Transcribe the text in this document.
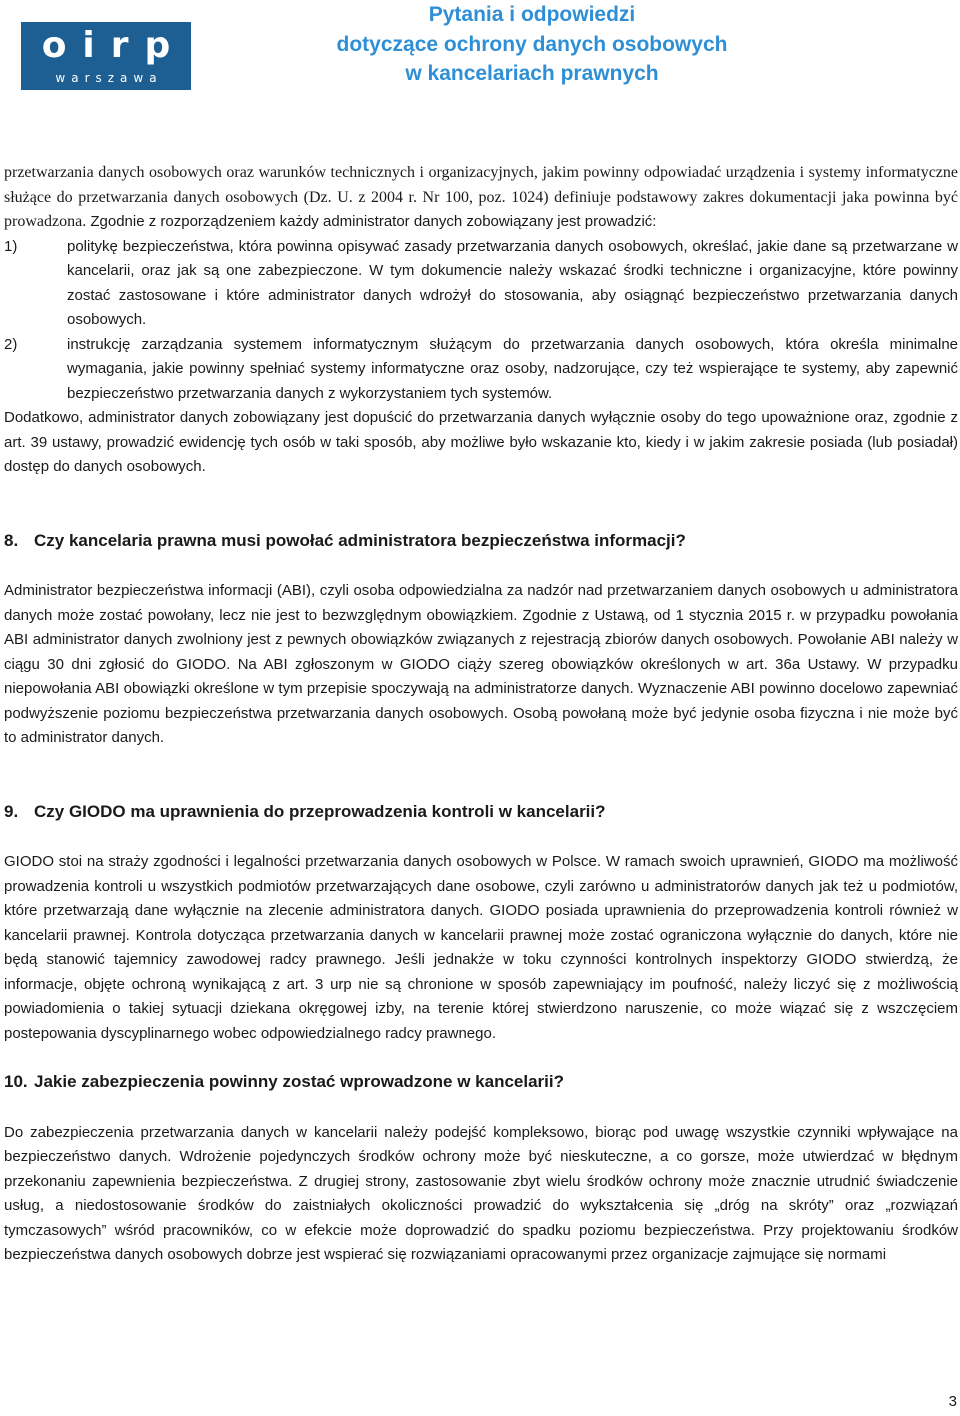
oirp
warszawa
Pytania i odpowiedzi
dotyczące ochrony danych osobowych
w kancelariach prawnych

przetwarzania danych osobowych oraz warunków technicznych i organizacyjnych, jakim powinny odpowiadać urządzenia i systemy informatyczne służące do przetwarzania danych osobowych (Dz. U. z 2004 r. Nr 100, poz. 1024) definiuje podstawowy zakres dokumentacji jaka powinna być prowadzona. Zgodnie z rozporządzeniem każdy administrator danych zobowiązany jest prowadzić:

1)	politykę bezpieczeństwa, która powinna opisywać zasady przetwarzania danych osobowych, określać, jakie dane są przetwarzane w kancelarii, oraz jak są one zabezpieczone. W tym dokumencie należy wskazać środki techniczne i organizacyjne, które powinny zostać zastosowane i które administrator danych wdrożył do stosowania, aby osiągnąć bezpieczeństwo przetwarzania danych osobowych.
2)	instrukcję zarządzania systemem informatycznym służącym do przetwarzania danych osobowych, która określa minimalne wymagania, jakie powinny spełniać systemy informatyczne oraz osoby, nadzorujące, czy też wspierające te systemy, aby zapewnić bezpieczeństwo przetwarzania danych z wykorzystaniem tych systemów.

Dodatkowo, administrator danych zobowiązany jest dopuścić do przetwarzania danych wyłącznie osoby do tego upoważnione oraz, zgodnie z art. 39 ustawy, prowadzić ewidencję tych osób w taki sposób, aby możliwe było wskazanie kto, kiedy i w jakim zakresie posiada (lub posiadał) dostęp do danych osobowych.

8. Czy kancelaria prawna musi powołać administratora bezpieczeństwa informacji?

Administrator bezpieczeństwa informacji (ABI), czyli osoba odpowiedzialna za nadzór nad przetwarzaniem danych osobowych u administratora danych może zostać powołany, lecz nie jest to bezwzględnym obowiązkiem. Zgodnie z Ustawą, od 1 stycznia 2015 r. w przypadku powołania ABI administrator danych zwolniony jest z pewnych obowiązków związanych z rejestracją zbiorów danych osobowych. Powołanie ABI należy w ciągu 30 dni zgłosić do GIODO. Na ABI zgłoszonym w GIODO ciąży szereg obowiązków określonych w art. 36a Ustawy. W przypadku niepowołania ABI obowiązki określone w tym przepisie spoczywają na administratorze danych. Wyznaczenie ABI powinno docelowo zapewniać podwyższenie poziomu bezpieczeństwa przetwarzania danych osobowych. Osobą powołaną może być jedynie osoba fizyczna i nie może być to administrator danych.

9. Czy GIODO ma uprawnienia do przeprowadzenia kontroli w kancelarii?

GIODO stoi na straży zgodności i legalności przetwarzania danych osobowych w Polsce. W ramach swoich uprawnień, GIODO ma możliwość prowadzenia kontroli u wszystkich podmiotów przetwarzających dane osobowe, czyli zarówno u administratorów danych jak też u podmiotów, które przetwarzają dane wyłącznie na zlecenie administratora danych. GIODO posiada uprawnienia do przeprowadzenia kontroli również w kancelarii prawnej. Kontrola dotycząca przetwarzania danych w kancelarii prawnej może zostać ograniczona wyłącznie do danych, które nie będą stanowić tajemnicy zawodowej radcy prawnego. Jeśli jednakże w toku czynności kontrolnych inspektorzy GIODO stwierdzą, że informacje, objęte ochroną wynikającą z art. 3 urp nie są chronione w sposób zapewniający im poufność, należy liczyć się z możliwością powiadomienia o takiej sytuacji dziekana okręgowej izby, na terenie której stwierdzono naruszenie, co może wiązać się z wszczęciem postepowania dyscyplinarnego wobec odpowiedzialnego radcy prawnego.

10. Jakie zabezpieczenia powinny zostać wprowadzone w kancelarii?

Do zabezpieczenia przetwarzania danych w kancelarii należy podejść kompleksowo, biorąc pod uwagę wszystkie czynniki wpływające na bezpieczeństwo danych. Wdrożenie pojedynczych środków ochrony może być nieskuteczne, a co gorsze, może utwierdzać w błędnym przekonaniu zapewnienia bezpieczeństwa. Z drugiej strony, zastosowanie zbyt wielu środków ochrony może znacznie utrudnić świadczenie usług, a niedostosowanie środków do zaistniałych okoliczności prowadzić do wykształcenia się „dróg na skróty” oraz „rozwiązań tymczasowych” wśród pracowników, co w efekcie może doprowadzić do spadku poziomu bezpieczeństwa. Przy projektowaniu środków bezpieczeństwa danych osobowych dobrze jest wspierać się rozwiązaniami opracowanymi przez organizacje zajmujące się normami

3
